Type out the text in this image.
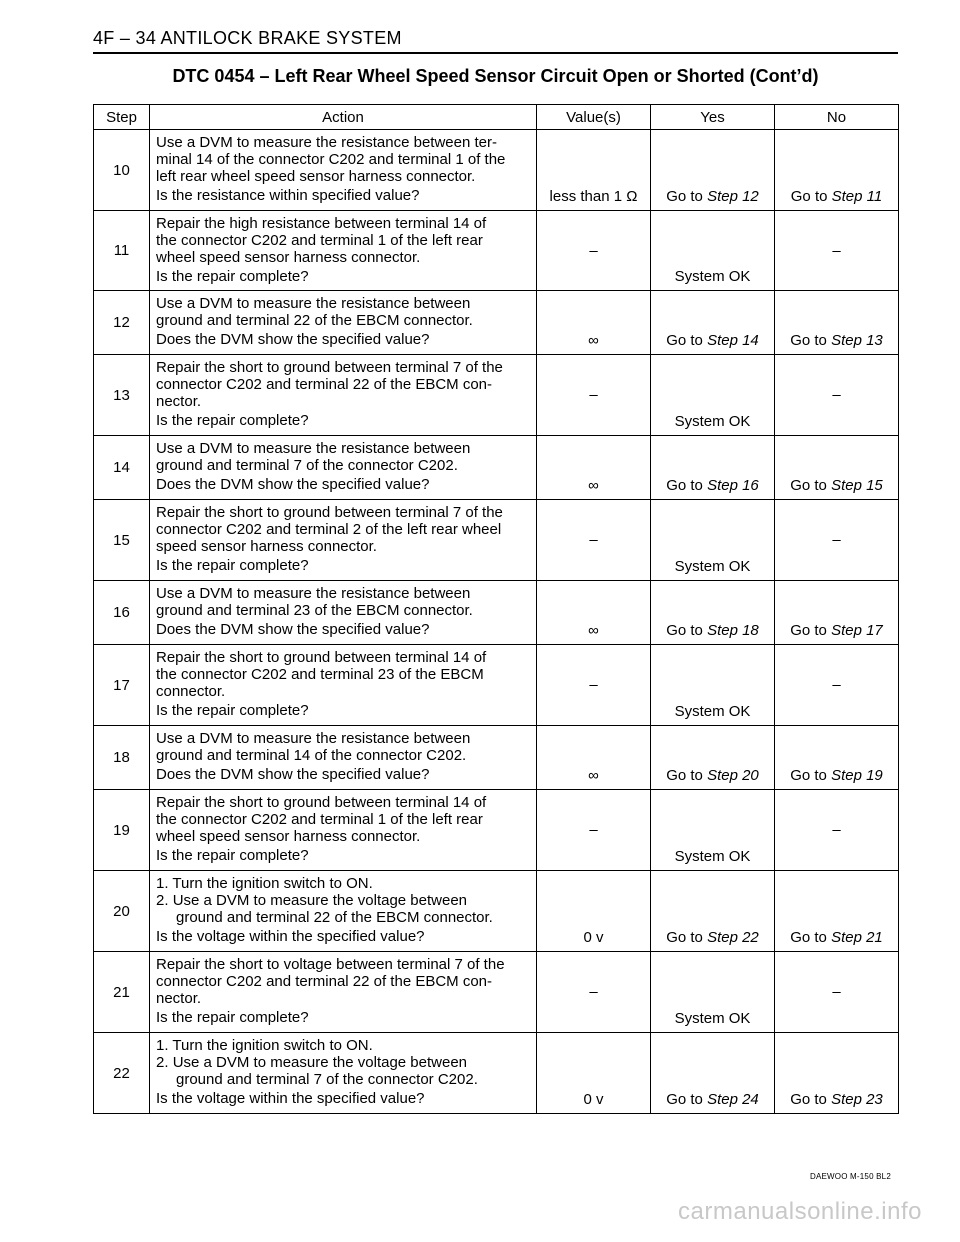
4F – 34 ANTILOCK BRAKE SYSTEM
DTC 0454 – Left Rear Wheel Speed Sensor Circuit Open or Shorted (Cont’d)
Step	Action	Value(s)	Yes	No
10	Use a DVM to measure the resistance between ter-
minal 14 of the connector C202 and terminal 1 of the
left rear wheel speed sensor harness connector.
Is the resistance within specified value?	less than 1 Ω	Go to Step 12	Go to Step 11

11	Repair the high resistance between terminal 14 of
the connector C202 and terminal 1 of the left rear
wheel speed sensor harness connector.
Is the repair complete?	–	System OK	–

12	Use a DVM to measure the resistance between
ground and terminal 22 of the EBCM connector.
Does the DVM show the specified value?	∞	Go to Step 14	Go to Step 13

13	Repair the short to ground between terminal 7 of the
connector C202 and terminal 22 of the EBCM con-
nector.
Is the repair complete?	–	System OK	–

14	Use a DVM to measure the resistance between
ground and terminal 7 of the connector C202.
Does the DVM show the specified value?	∞	Go to Step 16	Go to Step 15

15	Repair the short to ground between terminal 7 of the
connector C202 and terminal 2 of the left rear wheel
speed sensor harness connector.
Is the repair complete?	–	System OK	–

16	Use a DVM to measure the resistance between
ground and terminal 23 of the EBCM connector.
Does the DVM show the specified value?	∞	Go to Step 18	Go to Step 17

17	Repair the short to ground between terminal 14 of
the connector C202 and terminal 23 of the EBCM
connector.
Is the repair complete?	–	System OK	–

18	Use a DVM to measure the resistance between
ground and terminal 14 of the connector C202.
Does the DVM show the specified value?	∞	Go to Step 20	Go to Step 19

19	Repair the short to ground between terminal 14 of
the connector C202 and terminal 1 of the left rear
wheel speed sensor harness connector.
Is the repair complete?	–	System OK	–

20	1. Turn the ignition switch to ON.
2. Use a DVM to measure the voltage between
ground and terminal 22 of the EBCM connector.
Is the voltage within the specified value?	0 v	Go to Step 22	Go to Step 21

21	Repair the short to voltage between terminal 7 of the
connector C202 and terminal 22 of the EBCM con-
nector.
Is the repair complete?	–	System OK	–

22	1. Turn the ignition switch to ON.
2. Use a DVM to measure the voltage between
ground and terminal 7 of the connector C202.
Is the voltage within the specified value?	0 v	Go to Step 24	Go to Step 23
DAEWOO M-150 BL2
carmanualsonline.info
